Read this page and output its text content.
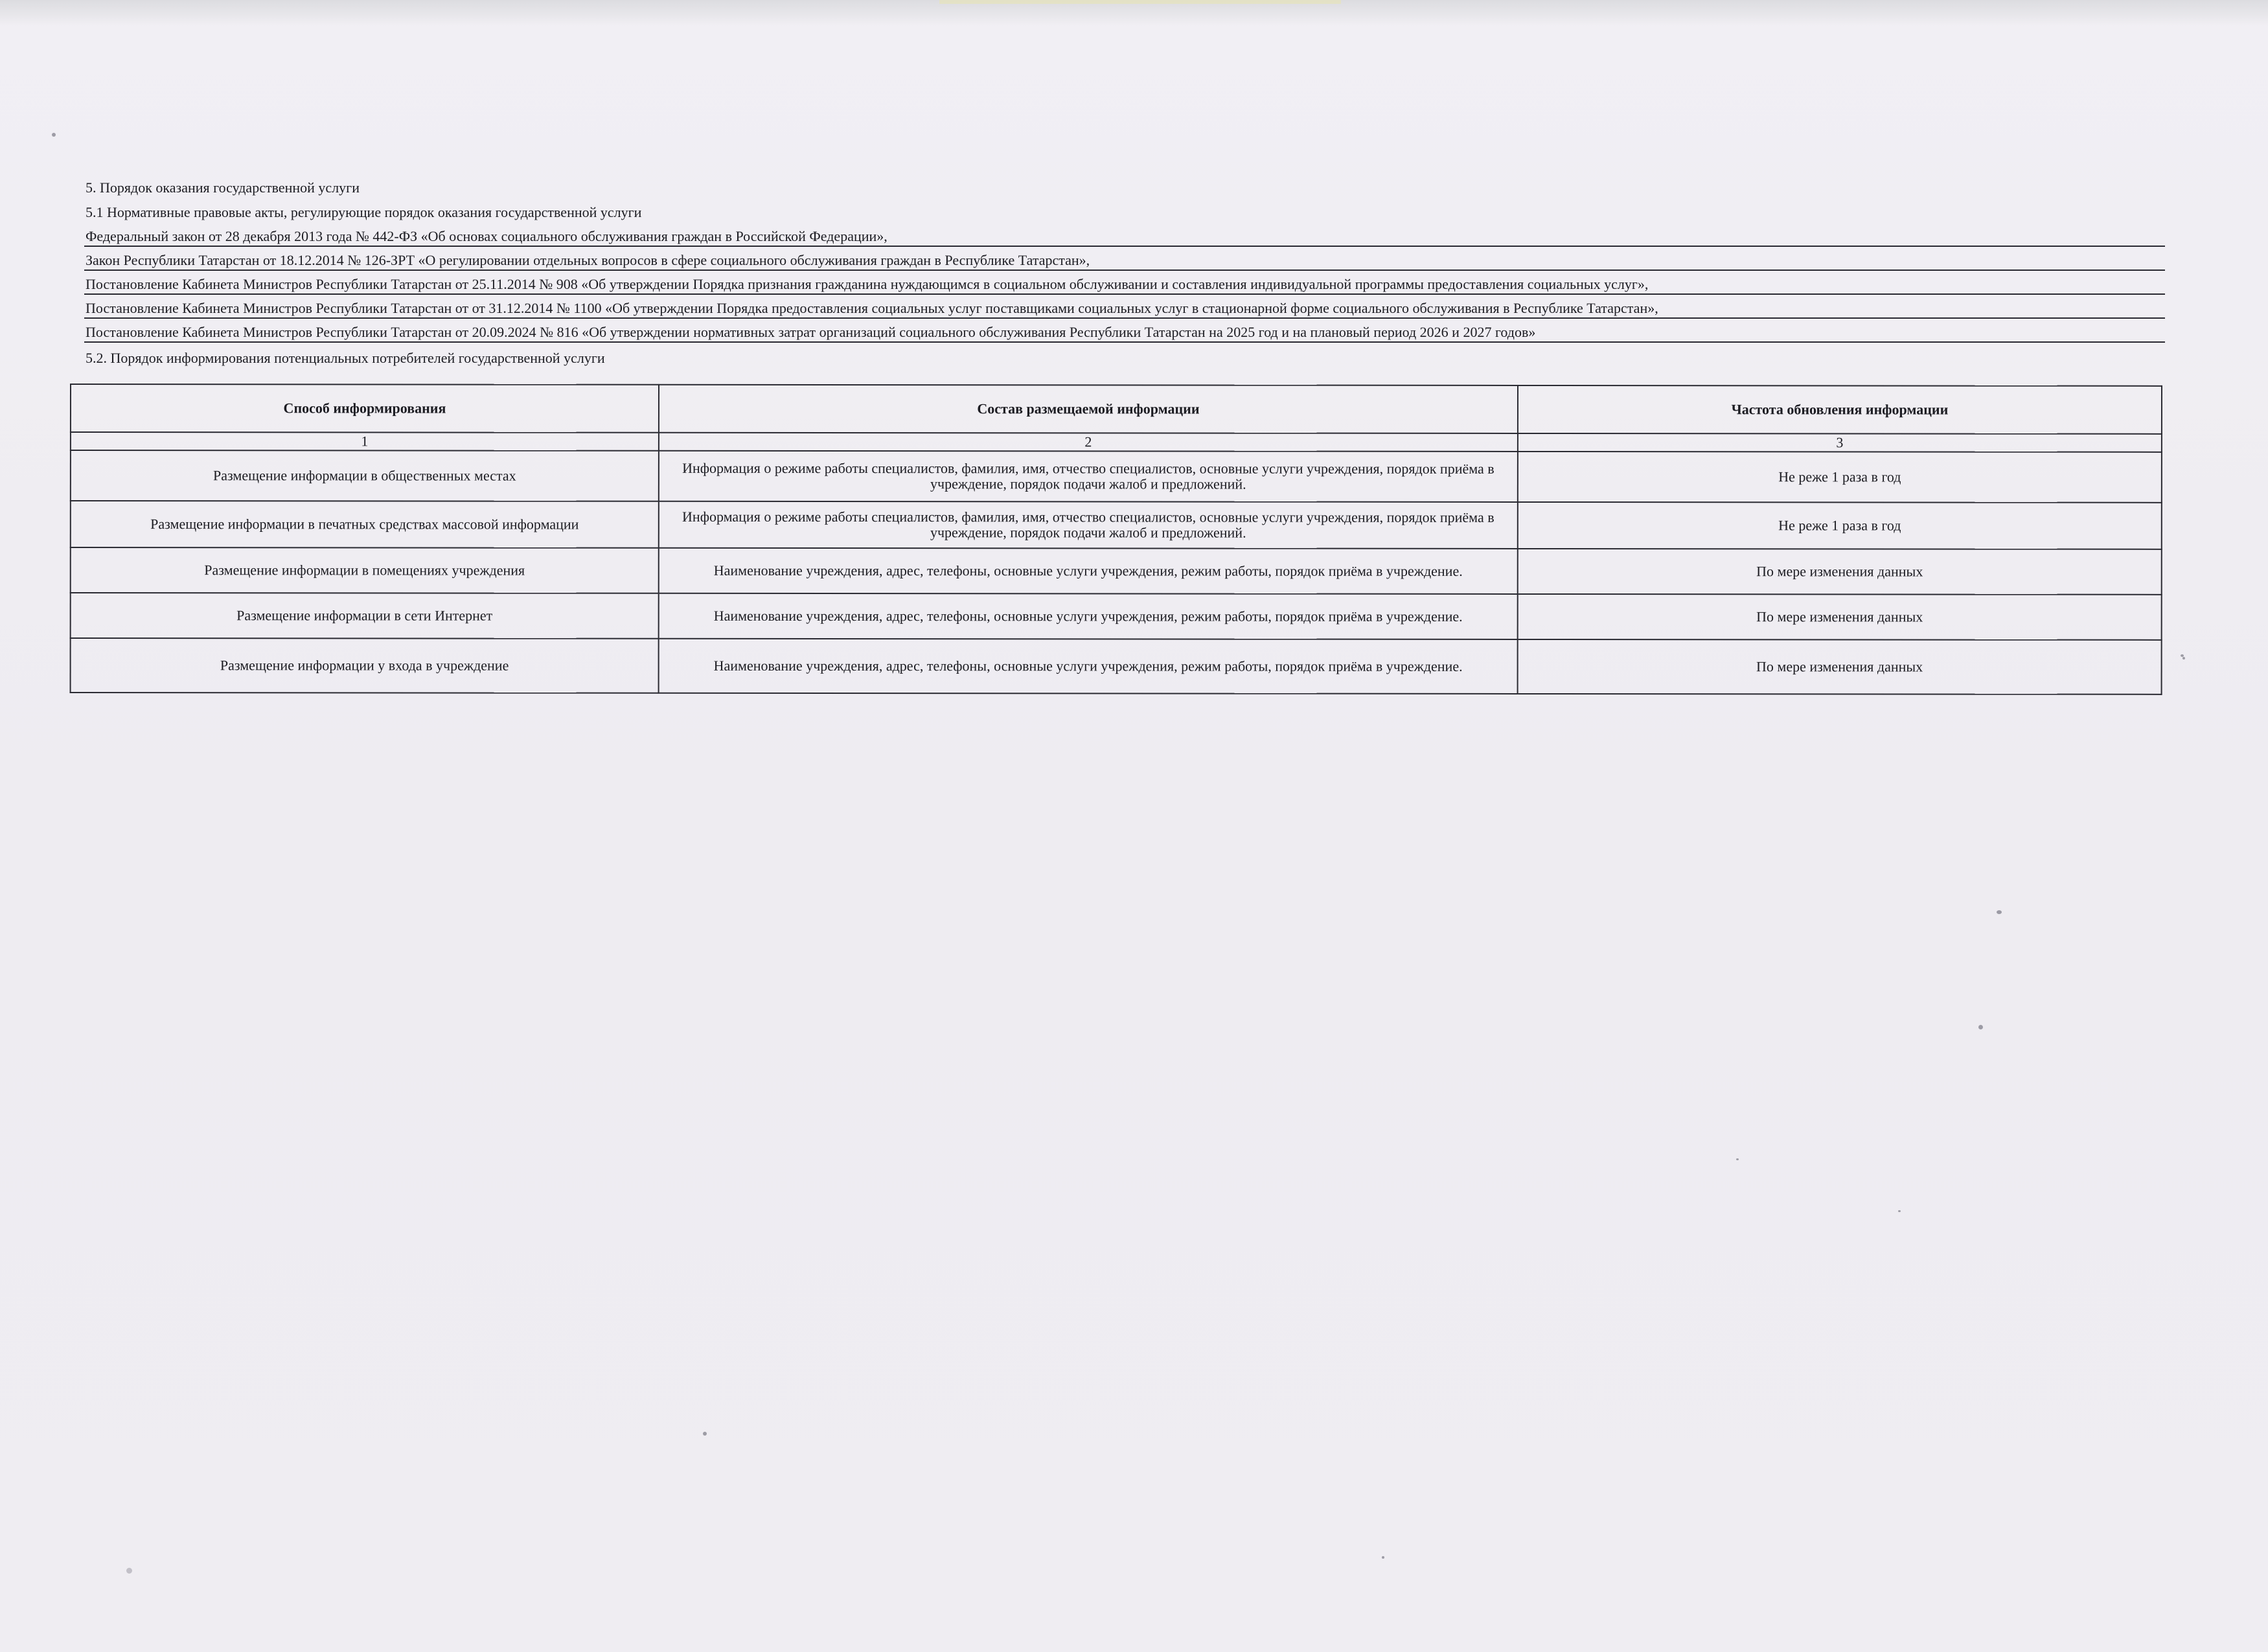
5. Порядок оказания государственной услуги
5.1 Нормативные правовые акты, регулирующие порядок оказания государственной услуги
Федеральный закон от 28 декабря 2013 года № 442-ФЗ «Об основах социального обслуживания граждан в Российской Федерации»,
Закон Республики Татарстан от 18.12.2014 № 126-ЗРТ «О регулировании отдельных вопросов в сфере социального обслуживания граждан в Республике Татарстан»,
Постановление Кабинета Министров Республики Татарстан от 25.11.2014 № 908 «Об утверждении Порядка признания гражданина нуждающимся в социальном обслуживании и составления индивидуальной программы предоставления социальных услуг»,
Постановление Кабинета Министров Республики Татарстан от от 31.12.2014 № 1100 «Об утверждении Порядка предоставления социальных услуг поставщиками социальных услуг в стационарной форме социального обслуживания в Республике Татарстан»,
Постановление Кабинета Министров Республики Татарстан от 20.09.2024 № 816 «Об утверждении нормативных затрат организаций социального обслуживания Республики Татарстан на 2025 год и на плановый период 2026 и 2027 годов»
5.2. Порядок информирования потенциальных потребителей государственной услуги
Способ информирования	Состав размещаемой информации	Частота обновления информации
1	2	3
Размещение информации в общественных местах	Информация о режиме работы специалистов, фамилия, имя, отчество специалистов, основные услуги учреждения, порядок приёма в учреждение, порядок подачи жалоб и предложений.	Не реже 1 раза в год
Размещение информации в печатных средствах массовой информации	Информация о режиме работы специалистов, фамилия, имя, отчество специалистов, основные услуги учреждения, порядок приёма в учреждение, порядок подачи жалоб и предложений.	Не реже 1 раза в год
Размещение информации в помещениях учреждения	Наименование учреждения, адрес, телефоны, основные услуги учреждения, режим работы, порядок приёма в учреждение.	По мере изменения данных
Размещение информации в сети Интернет	Наименование учреждения, адрес, телефоны, основные услуги учреждения, режим работы, порядок приёма в учреждение.	По мере изменения данных
Размещение информации у входа в учреждение	Наименование учреждения, адрес, телефоны, основные услуги учреждения, режим работы, порядок приёма в учреждение.	По мере изменения данных
